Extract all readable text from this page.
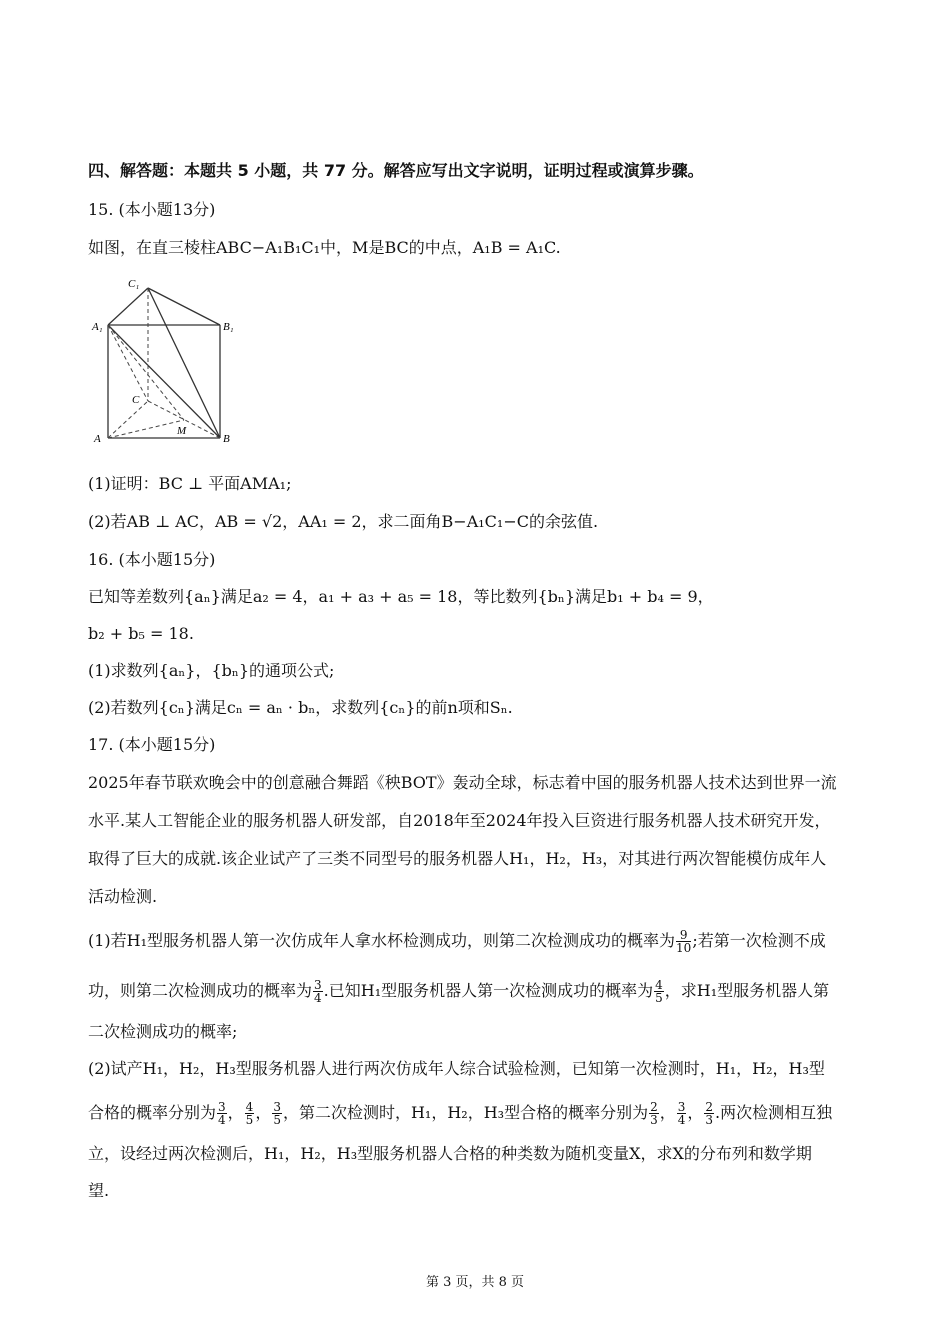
四、解答题：本题共 5 小题，共 77 分。解答应写出文字说明，证明过程或演算步骤。
15. (本小题13分)
如图，在直三棱柱ABC−A₁B₁C₁中，M是BC的中点，A₁B = A₁C.
C₁
A₁	B₁
C
A
M
B
(1)证明：BC ⊥ 平面AMA₁;
(2)若AB ⊥ AC，AB = √2，AA₁ = 2，求二面角B−A₁C₁−C的余弦值.
16. (本小题15分)
已知等差数列{aₙ}满足a₂ = 4，a₁ + a₃ + a₅ = 18，等比数列{bₙ}满足b₁ + b₄ = 9，
b₂ + b₅ = 18.
(1)求数列{aₙ}，{bₙ}的通项公式;
(2)若数列{cₙ}满足cₙ = aₙ · bₙ，求数列{cₙ}的前n项和Sₙ.
17. (本小题15分)
2025年春节联欢晚会中的创意融合舞蹈《秧BOT》轰动全球，标志着中国的服务机器人技术达到世界一流
水平.某人工智能企业的服务机器人研发部，自2018年至2024年投入巨资进行服务机器人技术研究开发，
取得了巨大的成就.该企业试产了三类不同型号的服务机器人H₁，H₂，H₃，对其进行两次智能模仿成年人
活动检测.
(1)若H₁型服务机器人第一次仿成年人拿水杯检测成功，则第二次检测成功的概率为 $\frac{9}{10}$ ;若第一次检测不成
功，则第二次检测成功的概率为 $\frac{3}{4}$ .已知H₁型服务机器人第一次检测成功的概率为 $\frac{4}{5}$ ，求H₁型服务机器人第
二次检测成功的概率;
(2)试产H₁，H₂，H₃型服务机器人进行两次仿成年人综合试验检测，已知第一次检测时，H₁，H₂，H₃型
合格的概率分别为 $\frac{3}{4}$ ， $\frac{4}{5}$ ， $\frac{3}{5}$ ，第二次检测时，H₁，H₂，H₃型合格的概率分别为 $\frac{2}{3}$ ， $\frac{3}{4}$ ， $\frac{2}{3}$ .两次检测相互独
立，设经过两次检测后，H₁，H₂，H₃型服务机器人合格的种类数为随机变量X，求X的分布列和数学期
望.
第 3 页，共 8 页
